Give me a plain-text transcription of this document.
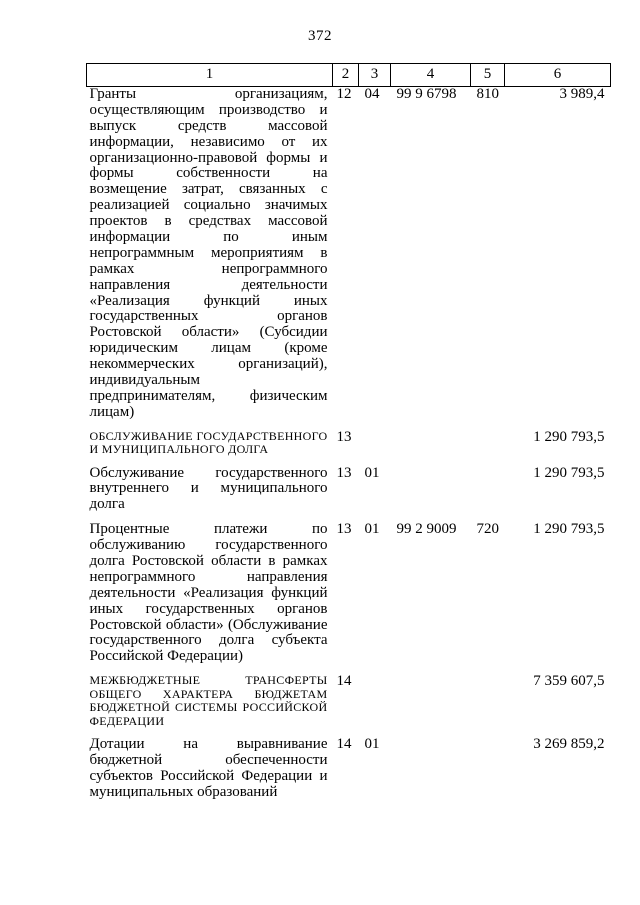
372
1	2	3	4	5	6
Гранты организациям, осуществляющим производство и выпуск средств массовой информации, независимо от их организационно-правовой формы и формы собственности на возмещение затрат, связанных с реализацией социально значимых проектов в средствах массовой информации по иным непрограммным мероприятиям в рамках непрограммного направления деятельности «Реализация функций иных государственных органов Ростовской области» (Субсидии юридическим лицам (кроме некоммерческих организаций), индивидуальным предпринимателям, физическим лицам)	12	04	99 9 6798	810	3 989,4
ОБСЛУЖИВАНИЕ ГОСУДАРСТВЕННОГО И МУНИЦИПАЛЬНОГО ДОЛГА	13				1 290 793,5
Обслуживание государственного внутреннего и муниципального долга	13	01			1 290 793,5
Процентные платежи по обслуживанию государственного долга Ростовской области в рамках непрограммного направления деятельности «Реализация функций иных государственных органов Ростовской области» (Обслуживание государственного долга субъекта Российской Федерации)	13	01	99 2 9009	720	1 290 793,5
МЕЖБЮДЖЕТНЫЕ ТРАНСФЕРТЫ ОБЩЕГО ХАРАКТЕРА БЮДЖЕТАМ БЮДЖЕТНОЙ СИСТЕМЫ РОССИЙСКОЙ ФЕДЕРАЦИИ	14				7 359 607,5
Дотации на выравнивание бюджетной обеспеченности субъектов Российской Федерации и муниципальных образований	14	01			3 269 859,2
